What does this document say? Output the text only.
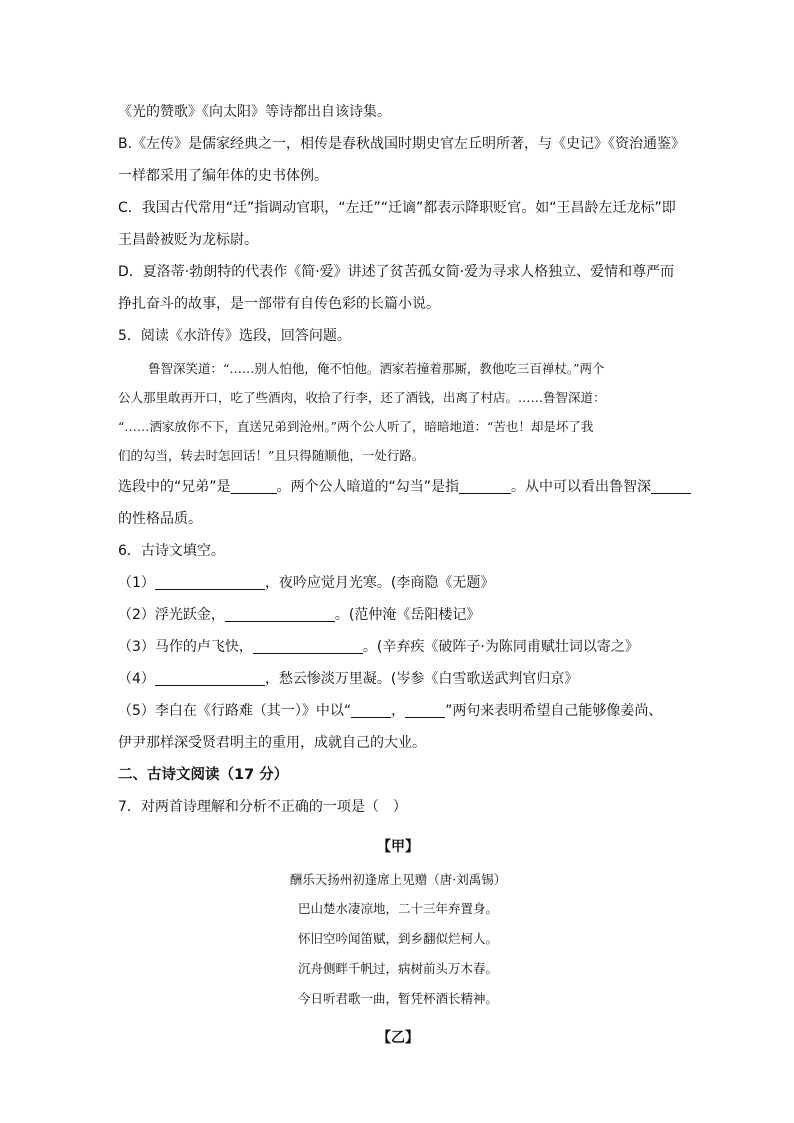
《光的赞歌》《向太阳》等诗都出自该诗集。
B.《左传》是儒家经典之一，相传是春秋战国时期史官左丘明所著，与《史记》《资治通鉴》
一样都采用了编年体的史书体例。
C．我国古代常用“迁”指调动官职，“左迁”“迁谪”都表示降职贬官。如“王昌龄左迁龙标”即
王昌龄被贬为龙标尉。
D．夏洛蒂·勃朗特的代表作《简·爱》讲述了贫苦孤女简·爱为寻求人格独立、爱情和尊严而
挣扎奋斗的故事，是一部带有自传色彩的长篇小说。
5．阅读《水浒传》选段，回答问题。
鲁智深笑道：“……别人怕他，俺不怕他。洒家若撞着那厮，教他吃三百禅杖。”两个
公人那里敢再开口，吃了些酒肉，收拾了行李，还了酒钱，出离了村店。……鲁智深道：
“……洒家放你不下，直送兄弟到沧州。”两个公人听了，暗暗地道：“苦也！却是坏了我
们的勾当，转去时怎回话！”且只得随顺他，一处行路。
选段中的“兄弟”是	。两个公人暗道的“勾当”是指	。从中可以看出鲁智深
的性格品质。
6．古诗文填空。
（1）	，夜吟应觉月光寒。(李商隐《无题》
（2）浮光跃金，	。(范仲淹《岳阳楼记》
（3）马作的卢飞快，	。(辛弃疾《破阵子·为陈同甫赋壮词以寄之》
（4）	，愁云惨淡万里凝。(岑参《白雪歌送武判官归京》
（5）李白在《行路难（其一）》中以“	，	”两句来表明希望自己能够像姜尚、
伊尹那样深受贤君明主的重用，成就自己的大业。
二、古诗文阅读（17 分）
7．对两首诗理解和分析不正确的一项是（　）
【甲】
酬乐天扬州初逢席上见赠（唐·刘禹锡）
巴山楚水凄凉地，二十三年弃置身。
怀旧空吟闻笛赋，到乡翻似烂柯人。
沉舟侧畔千帆过，病树前头万木春。
今日听君歌一曲，暂凭杯酒长精神。
【乙】
